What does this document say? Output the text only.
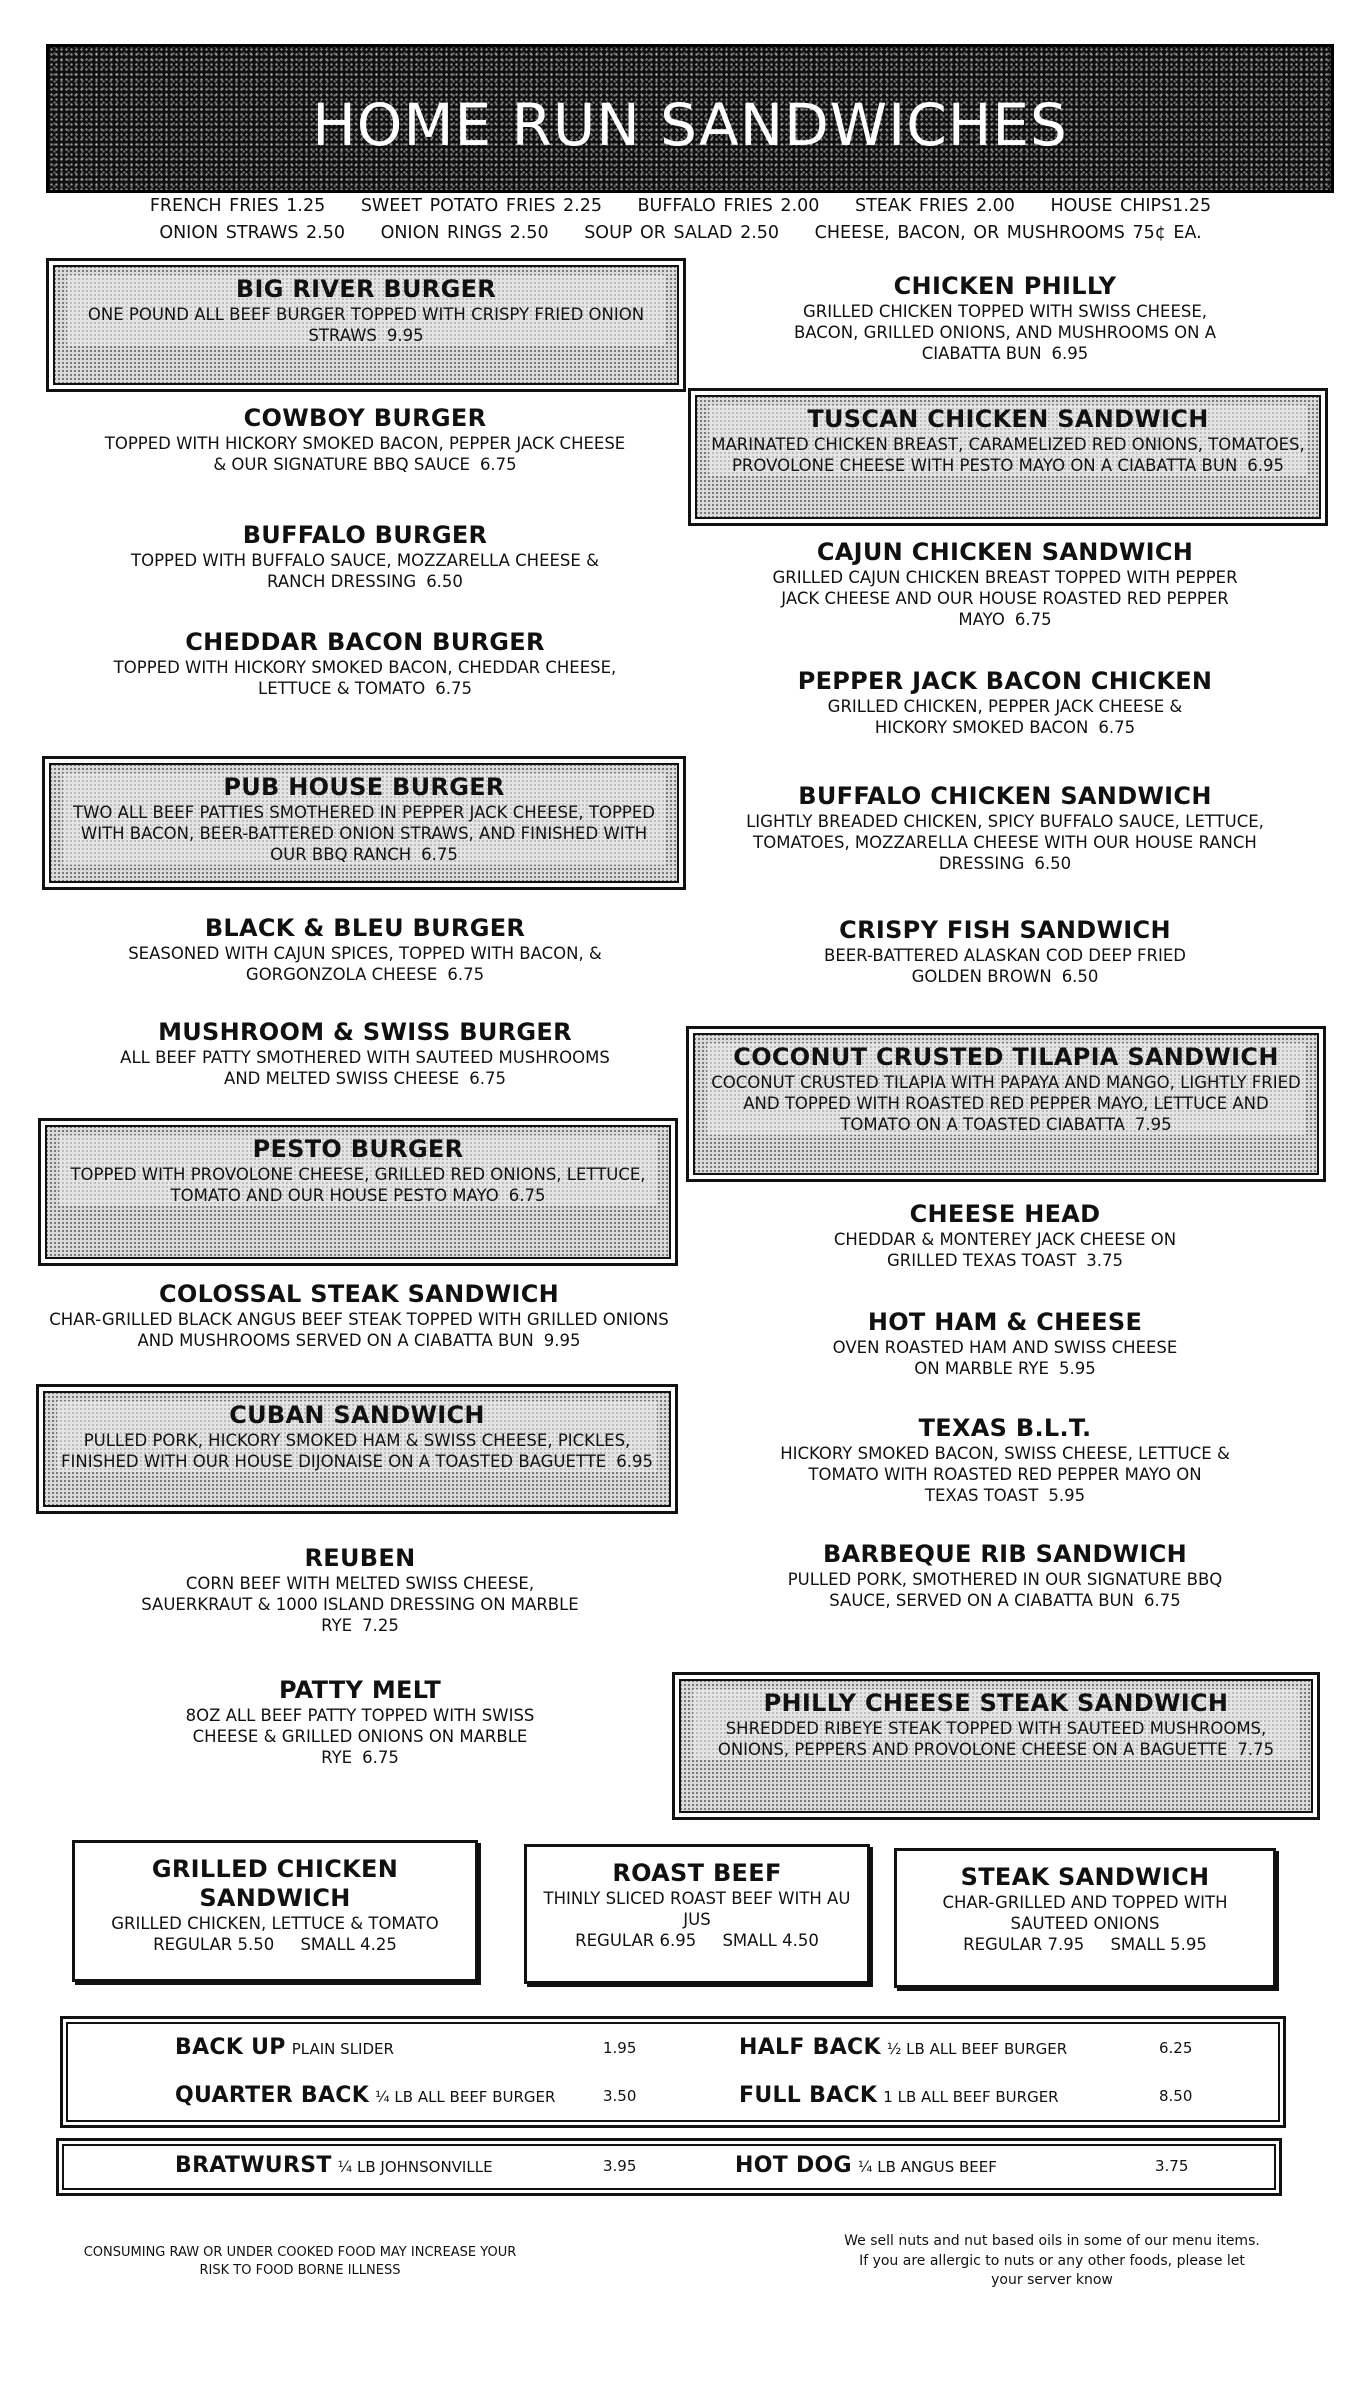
HOME RUN SANDWICHES
FRENCH FRIES 1.25 SWEET POTATO FRIES 2.25 BUFFALO FRIES 2.00 STEAK FRIES 2.00 HOUSE CHIPS1.25
ONION STRAWS 2.50 ONION RINGS 2.50 SOUP OR SALAD 2.50 CHEESE, BACON, OR MUSHROOMS 75¢ EA.
BIG RIVER BURGER
ONE POUND ALL BEEF BURGER TOPPED WITH CRISPY FRIED ONION STRAWS 9.95
COWBOY BURGER
TOPPED WITH HICKORY SMOKED BACON, PEPPER JACK CHEESE & OUR SIGNATURE BBQ SAUCE 6.75
BUFFALO BURGER
TOPPED WITH BUFFALO SAUCE, MOZZARELLA CHEESE & RANCH DRESSING 6.50
CHEDDAR BACON BURGER
TOPPED WITH HICKORY SMOKED BACON, CHEDDAR CHEESE, LETTUCE & TOMATO 6.75
PUB HOUSE BURGER
TWO ALL BEEF PATTIES SMOTHERED IN PEPPER JACK CHEESE, TOPPED WITH BACON, BEER-BATTERED ONION STRAWS, AND FINISHED WITH OUR BBQ RANCH 6.75
BLACK & BLEU BURGER
SEASONED WITH CAJUN SPICES, TOPPED WITH BACON, & GORGONZOLA CHEESE 6.75
MUSHROOM & SWISS BURGER
ALL BEEF PATTY SMOTHERED WITH SAUTEED MUSHROOMS AND MELTED SWISS CHEESE 6.75
PESTO BURGER
TOPPED WITH PROVOLONE CHEESE, GRILLED RED ONIONS, LETTUCE, TOMATO AND OUR HOUSE PESTO MAYO 6.75
COLOSSAL STEAK SANDWICH
CHAR-GRILLED BLACK ANGUS BEEF STEAK TOPPED WITH GRILLED ONIONS AND MUSHROOMS SERVED ON A CIABATTA BUN 9.95
CUBAN SANDWICH
PULLED PORK, HICKORY SMOKED HAM & SWISS CHEESE, PICKLES, FINISHED WITH OUR HOUSE DIJONAISE ON A TOASTED BAGUETTE 6.95
REUBEN
CORN BEEF WITH MELTED SWISS CHEESE, SAUERKRAUT & 1000 ISLAND DRESSING ON MARBLE RYE 7.25
PATTY MELT
8OZ ALL BEEF PATTY TOPPED WITH SWISS CHEESE & GRILLED ONIONS ON MARBLE RYE 6.75
CHICKEN PHILLY
GRILLED CHICKEN TOPPED WITH SWISS CHEESE, BACON, GRILLED ONIONS, AND MUSHROOMS ON A CIABATTA BUN 6.95
TUSCAN CHICKEN SANDWICH
MARINATED CHICKEN BREAST, CARAMELIZED RED ONIONS, TOMATOES, PROVOLONE CHEESE WITH PESTO MAYO ON A CIABATTA BUN 6.95
CAJUN CHICKEN SANDWICH
GRILLED CAJUN CHICKEN BREAST TOPPED WITH PEPPER JACK CHEESE AND OUR HOUSE ROASTED RED PEPPER MAYO 6.75
PEPPER JACK BACON CHICKEN
GRILLED CHICKEN, PEPPER JACK CHEESE & HICKORY SMOKED BACON 6.75
BUFFALO CHICKEN SANDWICH
LIGHTLY BREADED CHICKEN, SPICY BUFFALO SAUCE, LETTUCE, TOMATOES, MOZZARELLA CHEESE WITH OUR HOUSE RANCH DRESSING 6.50
CRISPY FISH SANDWICH
BEER-BATTERED ALASKAN COD DEEP FRIED GOLDEN BROWN 6.50
COCONUT CRUSTED TILAPIA SANDWICH
COCONUT CRUSTED TILAPIA WITH PAPAYA AND MANGO, LIGHTLY FRIED AND TOPPED WITH ROASTED RED PEPPER MAYO, LETTUCE AND TOMATO ON A TOASTED CIABATTA 7.95
CHEESE HEAD
CHEDDAR & MONTEREY JACK CHEESE ON GRILLED TEXAS TOAST 3.75
HOT HAM & CHEESE
OVEN ROASTED HAM AND SWISS CHEESE ON MARBLE RYE 5.95
TEXAS B.L.T.
HICKORY SMOKED BACON, SWISS CHEESE, LETTUCE & TOMATO WITH ROASTED RED PEPPER MAYO ON TEXAS TOAST 5.95
BARBEQUE RIB SANDWICH
PULLED PORK, SMOTHERED IN OUR SIGNATURE BBQ SAUCE, SERVED ON A CIABATTA BUN 6.75
PHILLY CHEESE STEAK SANDWICH
SHREDDED RIBEYE STEAK TOPPED WITH SAUTEED MUSHROOMS, ONIONS, PEPPERS AND PROVOLONE CHEESE ON A BAGUETTE 7.75
GRILLED CHICKEN SANDWICH
GRILLED CHICKEN, LETTUCE & TOMATO
REGULAR 5.50     SMALL 4.25
ROAST BEEF
THINLY SLICED ROAST BEEF WITH AU JUS
REGULAR 6.95     SMALL 4.50
STEAK SANDWICH
CHAR-GRILLED AND TOPPED WITH SAUTEED ONIONS
REGULAR 7.95     SMALL 5.95
BACK UP PLAIN SLIDER	1.95	HALF BACK ½ LB ALL BEEF BURGER	6.25
QUARTER BACK ¼ LB ALL BEEF BURGER	3.50	FULL BACK 1 LB ALL BEEF BURGER	8.50
BRATWURST ¼ LB JOHNSONVILLE	3.95	HOT DOG ¼ LB ANGUS BEEF	3.75
CONSUMING RAW OR UNDER COOKED FOOD MAY INCREASE YOUR RISK TO FOOD BORNE ILLNESS
We sell nuts and nut based oils in some of our menu items. If you are allergic to nuts or any other foods, please let your server know
